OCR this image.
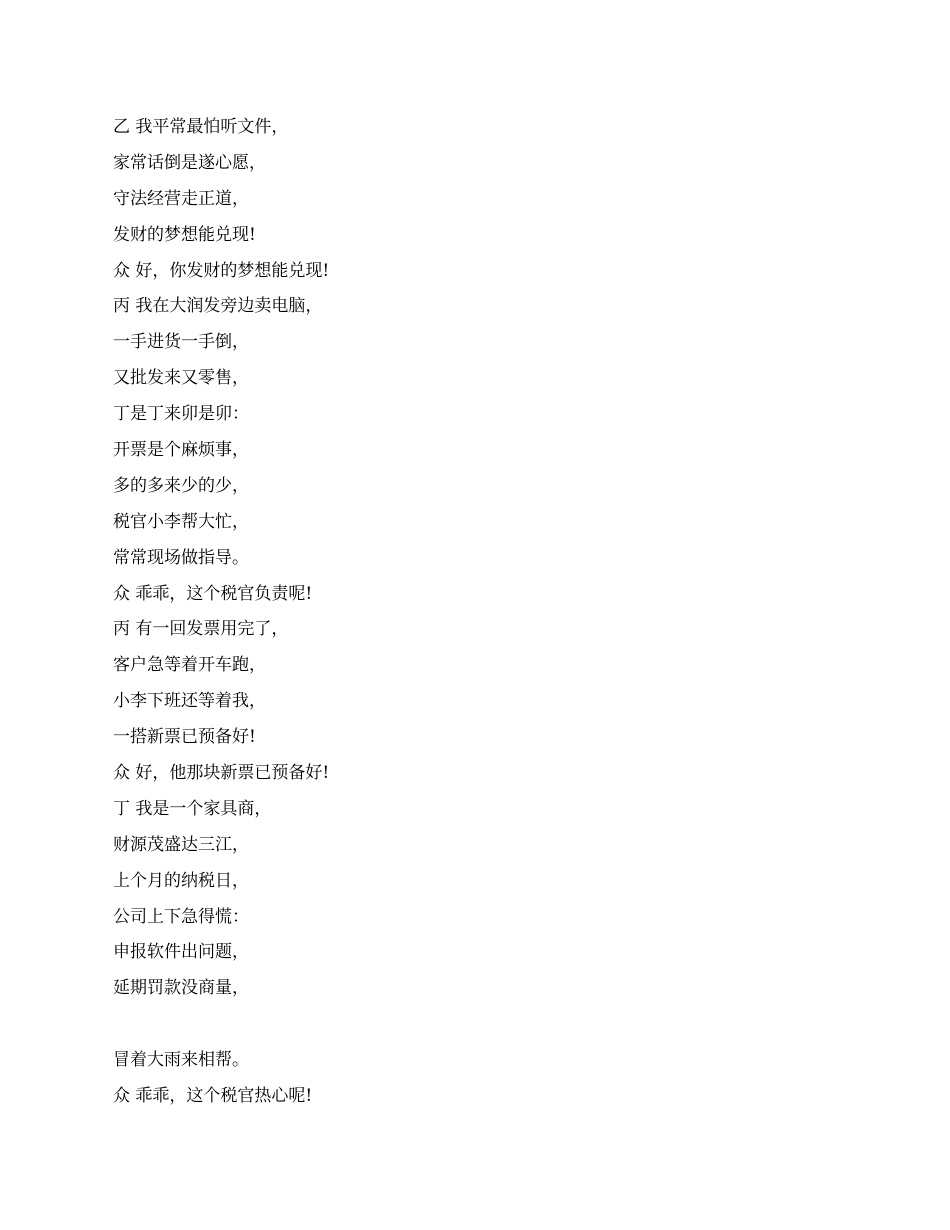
乙 我平常最怕听文件，
家常话倒是遂心愿，
守法经营走正道，
发财的梦想能兑现!
众 好，你发财的梦想能兑现!
丙 我在大润发旁边卖电脑，
一手进货一手倒，
又批发来又零售，
丁是丁来卯是卯：
开票是个麻烦事，
多的多来少的少，
税官小李帮大忙，
常常现场做指导。
众 乖乖，这个税官负责呢!
丙 有一回发票用完了，
客户急等着开车跑，
小李下班还等着我，
一搭新票已预备好!
众 好，他那块新票已预备好!
丁 我是一个家具商，
财源茂盛达三江，
上个月的纳税日，
公司上下急得慌：
申报软件出问题，
延期罚款没商量，
冒着大雨来相帮。
众 乖乖，这个税官热心呢!
